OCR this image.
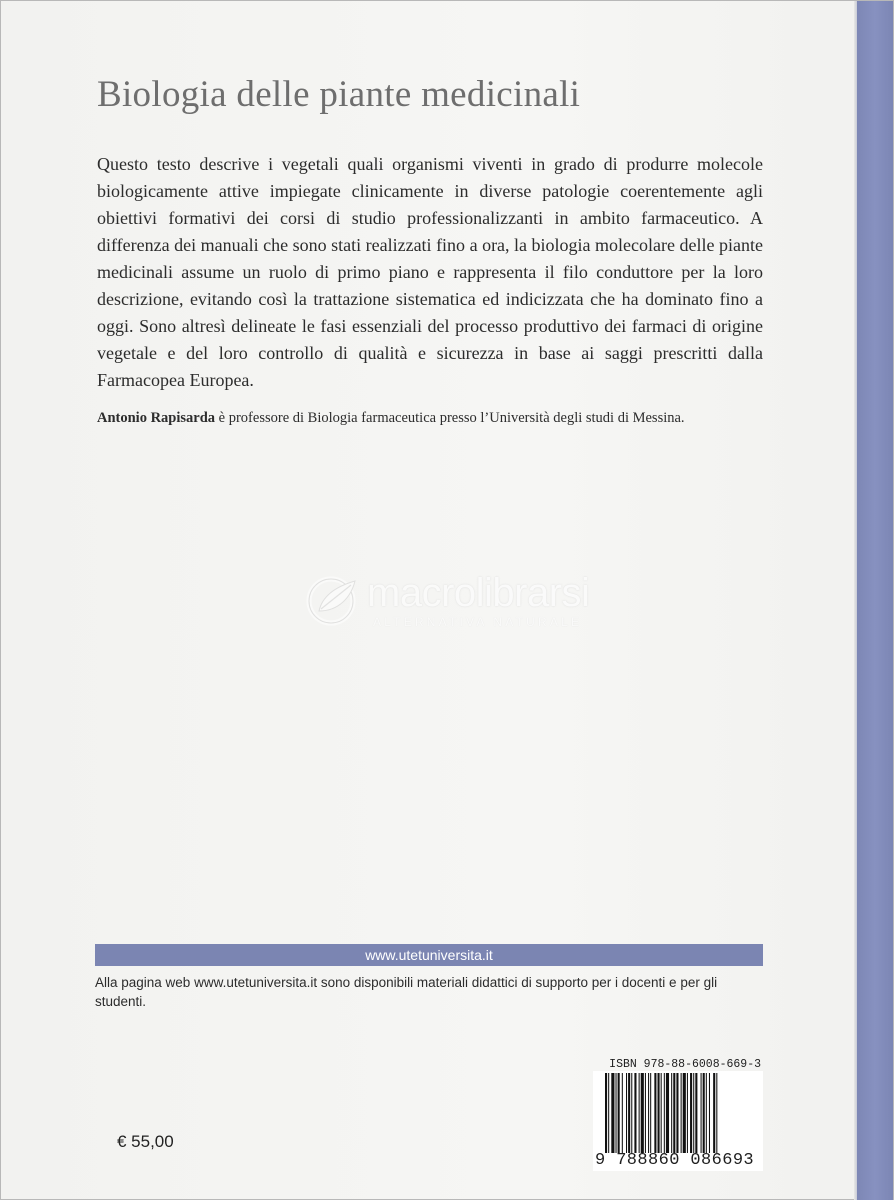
Biologia delle piante medicinali

Questo testo descrive i vegetali quali organismi viventi in grado di produrre molecole biologicamente attive impiegate clinicamente in diverse patologie coerentemente agli obiettivi formativi dei corsi di studio professionalizzanti in ambito farmaceutico. A differenza dei manuali che sono stati realizzati fino a ora, la biologia molecolare delle piante medicinali assume un ruolo di primo piano e rappresenta il filo conduttore per la loro descrizione, evitando così la trattazione sistematica ed indicizzata che ha dominato fino a oggi. Sono altresì delineate le fasi essenziali del processo produttivo dei farmaci di origine vegetale e del loro controllo di qualità e sicurezza in base ai saggi prescritti dalla Farmacopea Europea.

Antonio Rapisarda è professore di Biologia farmaceutica presso l’Università degli studi di Messina.

macrolibrarsi
ALTERNATIVA NATURALE
www.utetuniversita.it

Alla pagina web www.utetuniversita.it sono disponibili materiali didattici di supporto per i docenti e per gli studenti.

ISBN 978-88-6008-669-3
9 788860 086693
€ 55,00
